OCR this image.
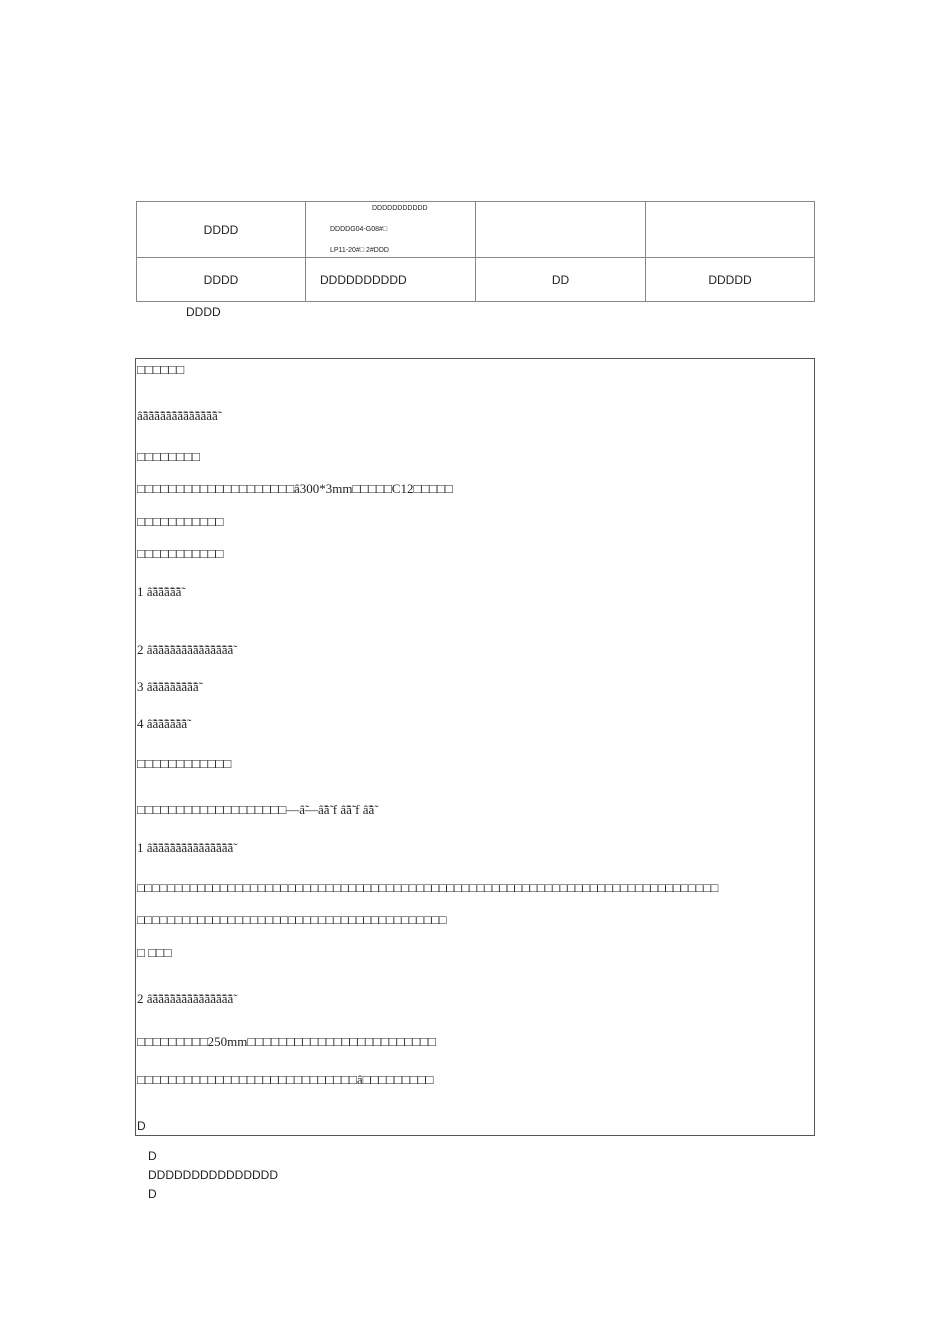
DDDD	DDDDDDDDDDD
DDDDG04-G08#□
LP11-20#□ 2#DDD		

DDDD	DDDDDDDDDD	DD	DDDDD
DDDD
□□□□□□
ȃ̃ȃ̃ȃ̃ȃ̃ȃ̃ȃ̃ȃ̃ȃ̃ȃ̃ȃ̃ȃ̃ȃ̃ȃ̃ȃ̃
□□□□□□□□
□□□□□□□□□□□□□□□□□□□□ȃ300*3mm□□□□□C12□□□□□
□□□□□□□□□□□
□□□□□□□□□□□
1 ȃ̃ȃ̃ȃ̃ȃ̃ȃ̃ȃ̃
2 ȃ̃ȃ̃ȃ̃ȃ̃ȃ̃ȃ̃ȃ̃ȃ̃ȃ̃ȃ̃ȃ̃ȃ̃ȃ̃ȃ̃ȃ̃
3 ȃ̃ȃ̃ȃ̃ȃ̃ȃ̃ȃ̃ȃ̃ȃ̃ȃ̃
4 ȃ̃ȃ̃ȃ̃ȃ̃ȃ̃ȃ̃ȃ̃
□□□□□□□□□□□□
□□□□□□□□□□□□□□□□□□□—ȃ̃—ȃ̃ȃ̃ f ȃ̃ȃ̃ f ȃ̃ȃ̃
1 ȃ̃ȃ̃ȃ̃ȃ̃ȃ̃ȃ̃ȃ̃ȃ̃ȃ̃ȃ̃ȃ̃ȃ̃ȃ̃ȃ̃ȃ̃
□□□□□□□□□□□□□□□□□□□□□□□□□□□□□□□□□□□□□□□□□□□□□□□□□□□□□□□□□□□□□□□□□□□□□□□□□□□□□
□□□□□□□□□□□□□□□□□□□□□□□□□□□□□□□□□□□□□□□□□
□ □□□
2 ȃ̃ȃ̃ȃ̃ȃ̃ȃ̃ȃ̃ȃ̃ȃ̃ȃ̃ȃ̃ȃ̃ȃ̃ȃ̃ȃ̃ȃ̃
□□□□□□□□□250mm□□□□□□□□□□□□□□□□□□□□□□□□
□□□□□□□□□□□□□□□□□□□□□□□□□□□□ȃ□□□□□□□□□
D
D
DDDDDDDDDDDDDDD
D
